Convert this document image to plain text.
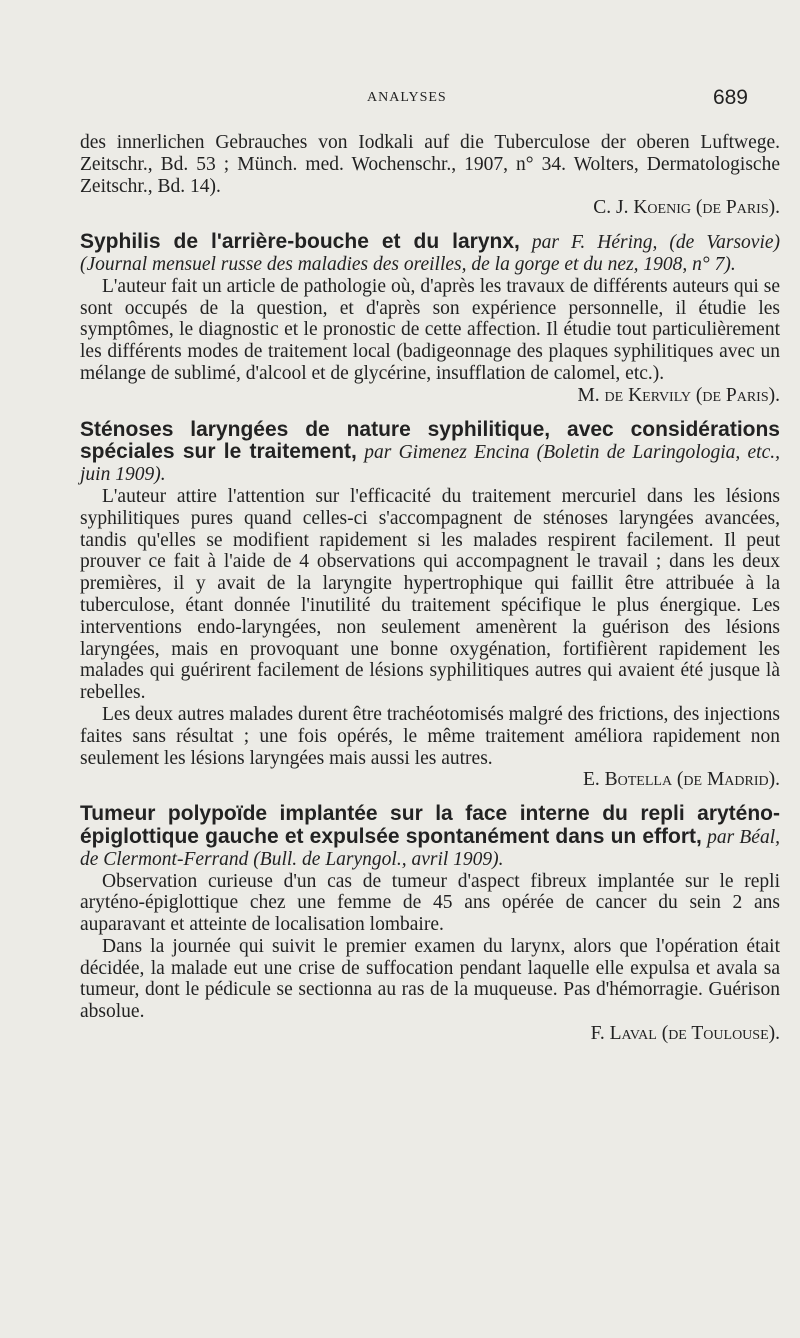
ANALYSES	689

des innerlichen Gebrauches von Iodkali auf die Tuberculose der oberen Luftwege. Zeitschr., Bd. 53 ; Münch. med. Wochenschr., 1907, n° 34. Wolters, Dermatologische Zeitschr., Bd. 14).

C. J. Koenig (de Paris).

Syphilis de l'arrière-bouche et du larynx, par F. Héring, (de Varsovie) (Journal mensuel russe des maladies des oreilles, de la gorge et du nez, 1908, n° 7).

L'auteur fait un article de pathologie où, d'après les travaux de différents auteurs qui se sont occupés de la question, et d'après son expérience personnelle, il étudie les symptômes, le diagnostic et le pronostic de cette affection. Il étudie tout particulièrement les différents modes de traitement local (badigeonnage des plaques syphilitiques avec un mélange de sublimé, d'alcool et de glycérine, insufflation de calomel, etc.).

M. de Kervily (de Paris).

Sténoses laryngées de nature syphilitique, avec considérations spéciales sur le traitement, par Gimenez Encina (Boletin de Laringologia, etc., juin 1909).

L'auteur attire l'attention sur l'efficacité du traitement mercuriel dans les lésions syphilitiques pures quand celles-ci s'accompagnent de sténoses laryngées avancées, tandis qu'elles se modifient rapidement si les malades respirent facilement. Il peut prouver ce fait à l'aide de 4 observations qui accompagnent le travail ; dans les deux premières, il y avait de la laryngite hypertrophique qui faillit être attribuée à la tuberculose, étant donnée l'inutilité du traitement spécifique le plus énergique. Les interventions endo-laryngées, non seulement amenèrent la guérison des lésions laryngées, mais en provoquant une bonne oxygénation, fortifièrent rapidement les malades qui guérirent facilement de lésions syphilitiques autres qui avaient été jusque là rebelles.

Les deux autres malades durent être trachéotomisés malgré des frictions, des injections faites sans résultat ; une fois opérés, le même traitement améliora rapidement non seulement les lésions laryngées mais aussi les autres.

E. Botella (de Madrid).

Tumeur polypoïde implantée sur la face interne du repli aryténo-épiglottique gauche et expulsée spontanément dans un effort, par Béal, de Clermont-Ferrand (Bull. de Laryngol., avril 1909).

Observation curieuse d'un cas de tumeur d'aspect fibreux implantée sur le repli aryténo-épiglottique chez une femme de 45 ans opérée de cancer du sein 2 ans auparavant et atteinte de localisation lombaire.

Dans la journée qui suivit le premier examen du larynx, alors que l'opération était décidée, la malade eut une crise de suffocation pendant laquelle elle expulsa et avala sa tumeur, dont le pédicule se sectionna au ras de la muqueuse. Pas d'hémorragie. Guérison absolue.

F. Laval (de Toulouse).
